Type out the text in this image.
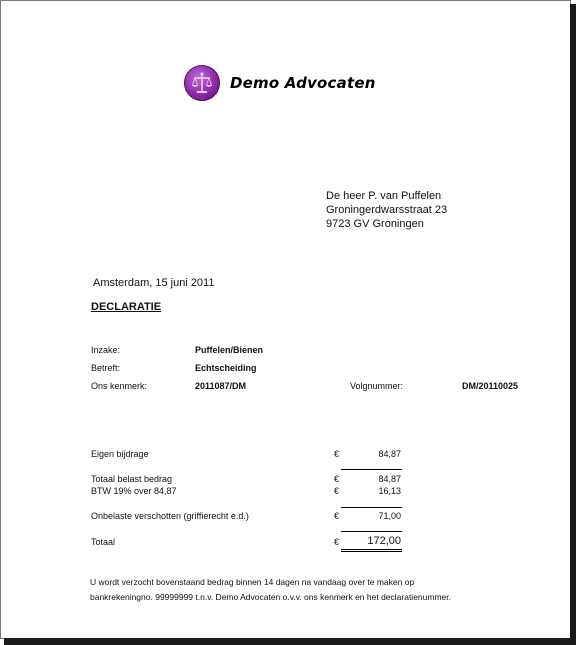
Demo Advocaten
De heer P. van Puffelen
Groningerdwarsstraat 23
9723 GV Groningen
Amsterdam, 15 juni 2011
DECLARATIE
Inzake:	Puffelen/Bienen
Betreft:	Echtscheiding
Ons kenmerk:	2011087/DM	Volgnummer:	DM/20110025
Eigen bijdrage	€	84,87
Totaal belast bedrag	€	84,87
BTW 19% over 84,87	€	16,13
Onbelaste verschotten (griffierecht e.d.)	€	71,00
Totaal	€	172,00
U wordt verzocht bovenstaand bedrag binnen 14 dagen na vandaag over te maken op
bankrekeningno. 99999999 t.n.v. Demo Advocaten o.v.v. ons kenmerk en het declaratienummer.
